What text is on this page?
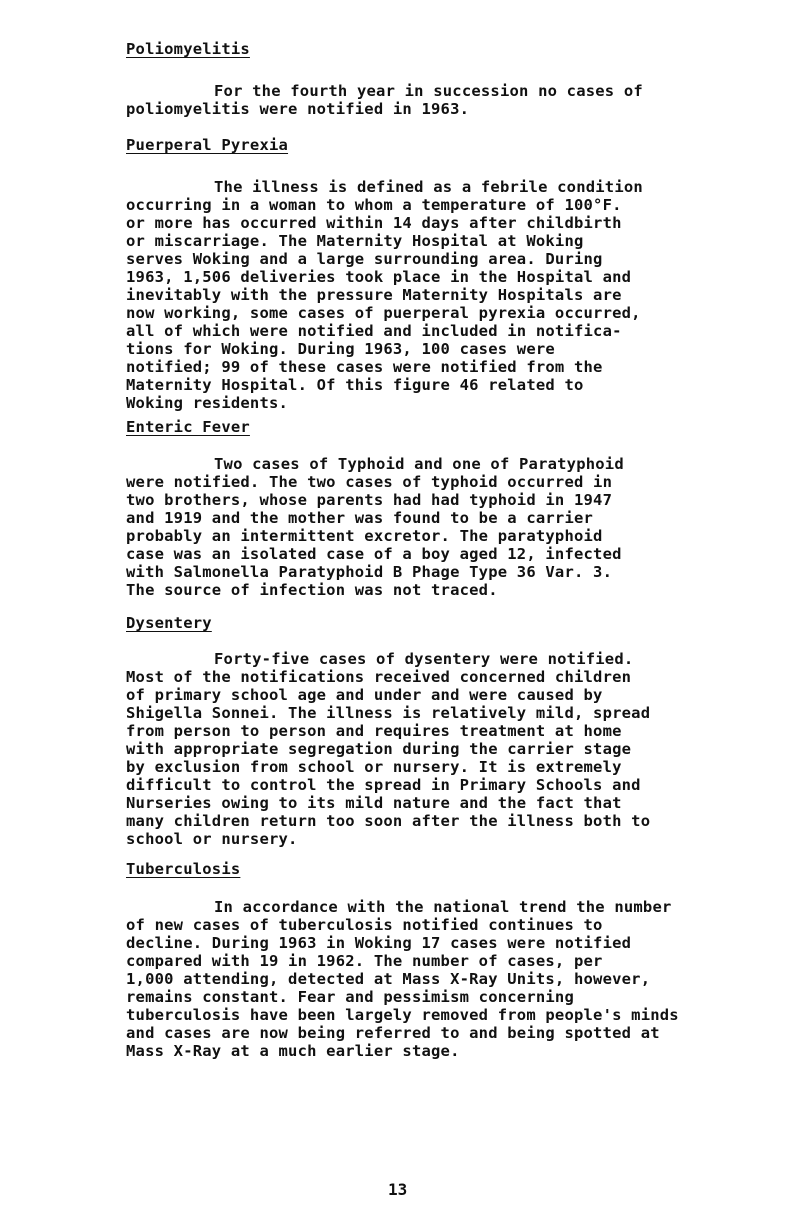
Poliomyelitis
For the fourth year in succession no cases of
poliomyelitis were notified in 1963.
Puerperal Pyrexia
The illness is defined as a febrile condition
occurring in a woman to whom a temperature of 100°F.
or more has occurred within 14 days after childbirth
or miscarriage. The Maternity Hospital at Woking
serves Woking and a large surrounding area. During
1963, 1,506 deliveries took place in the Hospital and
inevitably with the pressure Maternity Hospitals are
now working, some cases of puerperal pyrexia occurred,
all of which were notified and included in notifica-
tions for Woking. During 1963, 100 cases were
notified; 99 of these cases were notified from the
Maternity Hospital. Of this figure 46 related to
Woking residents.
Enteric Fever
Two cases of Typhoid and one of Paratyphoid
were notified. The two cases of typhoid occurred in
two brothers, whose parents had had typhoid in 1947
and 1919 and the mother was found to be a carrier
probably an intermittent excretor. The paratyphoid
case was an isolated case of a boy aged 12, infected
with Salmonella Paratyphoid B Phage Type 36 Var. 3.
The source of infection was not traced.
Dysentery
Forty-five cases of dysentery were notified.
Most of the notifications received concerned children
of primary school age and under and were caused by
Shigella Sonnei. The illness is relatively mild, spread
from person to person and requires treatment at home
with appropriate segregation during the carrier stage
by exclusion from school or nursery. It is extremely
difficult to control the spread in Primary Schools and
Nurseries owing to its mild nature and the fact that
many children return too soon after the illness both to
school or nursery.
Tuberculosis
In accordance with the national trend the number
of new cases of tuberculosis notified continues to
decline. During 1963 in Woking 17 cases were notified
compared with 19 in 1962. The number of cases, per
1,000 attending, detected at Mass X-Ray Units, however,
remains constant. Fear and pessimism concerning
tuberculosis have been largely removed from people's minds
and cases are now being referred to and being spotted at
Mass X-Ray at a much earlier stage.
13
